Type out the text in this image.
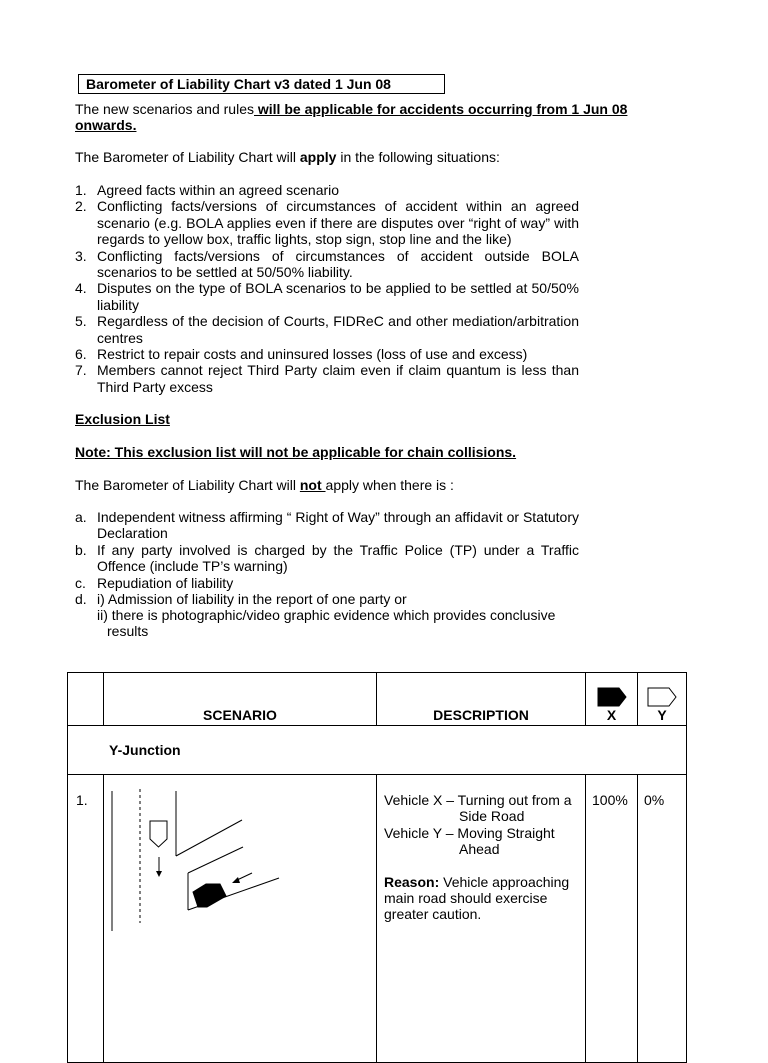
Barometer of Liability Chart v3 dated 1 Jun 08
The new scenarios and rules will be applicable for accidents occurring from 1 Jun 08 onwards.
The Barometer of Liability Chart will apply in the following situations:
1. Agreed facts within an agreed scenario
2. Conflicting facts/versions of circumstances of accident within an agreed scenario (e.g. BOLA applies even if there are disputes over “right of way” with regards to yellow box, traffic lights, stop sign, stop line and the like)
3. Conflicting facts/versions of circumstances of accident outside BOLA scenarios to be settled at 50/50% liability.
4. Disputes on the type of BOLA scenarios to be applied to be settled at 50/50% liability
5. Regardless of the decision of Courts, FIDReC and other mediation/arbitration centres
6. Restrict to repair costs and uninsured losses (loss of use and excess)
7. Members cannot reject Third Party claim even if claim quantum is less than Third Party excess
Exclusion List
Note: This exclusion list will not be applicable for chain collisions.
The Barometer of Liability Chart will not apply when there is :
a. Independent witness affirming “ Right of Way” through an affidavit or Statutory Declaration
b. If any party involved is charged by the Traffic Police (TP) under a Traffic Offence (include TP’s warning)
c. Repudiation of liability
d. i) Admission of liability in the report of one party or
ii) there is photographic/video graphic evidence which provides conclusive
results
	SCENARIO	DESCRIPTION	X	Y
Y-Junction				
1.		Vehicle X – Turning out from a
Side Road
Vehicle Y – Moving Straight
Ahead
Reason: Vehicle approaching main road should exercise greater caution.	100%	0%
